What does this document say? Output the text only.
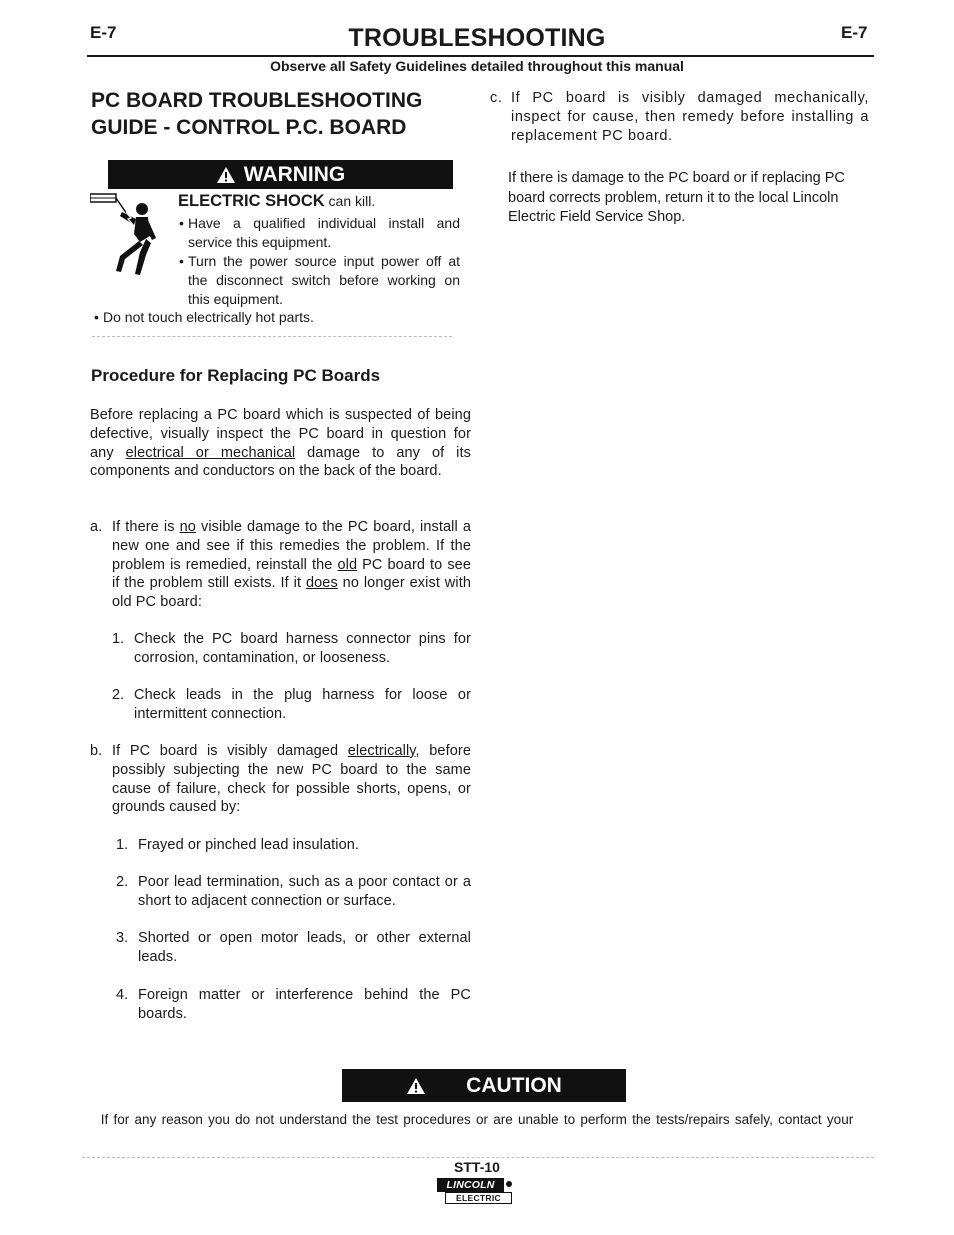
E-7	E-7
TROUBLESHOOTING
Observe all Safety Guidelines detailed throughout this manual
PC BOARD TROUBLESHOOTING GUIDE - CONTROL P.C. BOARD
WARNING
ELECTRIC SHOCK can kill.
• Have a qualified individual install and service this equipment.
• Turn the power source input power off at the disconnect switch before working on this equipment.
• Do not touch electrically hot parts.
Procedure for Replacing PC Boards
Before replacing a PC board which is suspected of being defective, visually inspect the PC board in question for any electrical or mechanical damage to any of its components and conductors on the back of the board.
a. If there is no visible damage to the PC board, install a new one and see if this remedies the problem. If the problem is remedied, reinstall the old PC board to see if the problem still exists. If it does no longer exist with old PC board:
1. Check the PC board harness connector pins for corrosion, contamination, or looseness.
2. Check leads in the plug harness for loose or intermittent connection.
b. If PC board is visibly damaged electrically, before possibly subjecting the new PC board to the same cause of failure, check for possible shorts, opens, or grounds caused by:
1. Frayed or pinched lead insulation.
2. Poor lead termination, such as a poor contact or a short to adjacent connection or surface.
3. Shorted or open motor leads, or other external leads.
4. Foreign matter or interference behind the PC boards.
c. If PC board is visibly damaged mechanically, inspect for cause, then remedy before installing a replacement PC board.
If there is damage to the PC board or if replacing PC board corrects problem, return it to the local Lincoln Electric Field Service Shop.
CAUTION
If for any reason you do not understand the test procedures or are unable to perform the tests/repairs safely, contact your
STT-10
LINCOLN
ELECTRIC
